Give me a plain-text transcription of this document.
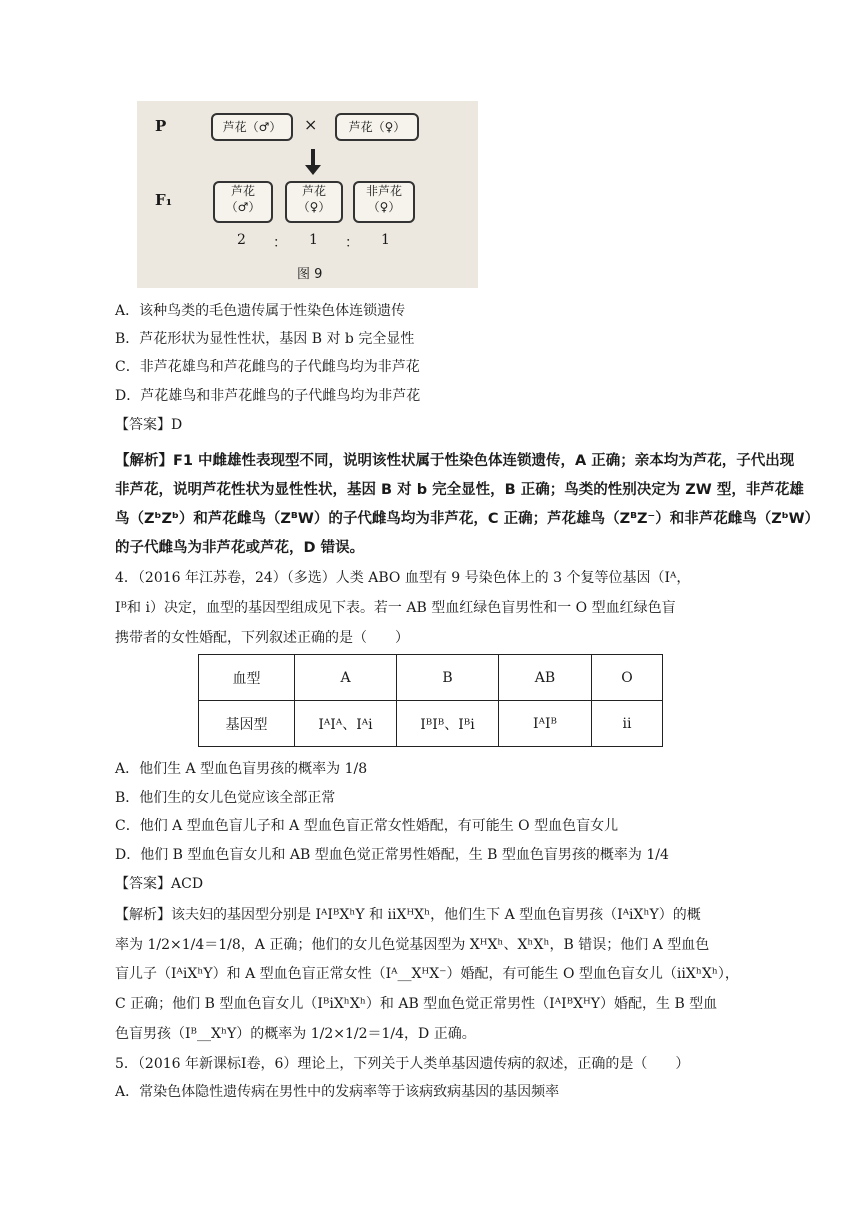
P	芦花（♂）	×	芦花（♀）
F₁	芦花
（♂）
芦花
（♀）
非芦花
（♀）
2 ： 1 ： 1
图 9
A．该种鸟类的毛色遗传属于性染色体连锁遗传
B．芦花形状为显性性状，基因 B 对 b 完全显性
C．非芦花雄鸟和芦花雌鸟的子代雌鸟均为非芦花
D．芦花雄鸟和非芦花雌鸟的子代雌鸟均为非芦花
【答案】D
【解析】F1 中雌雄性表现型不同，说明该性状属于性染色体连锁遗传，A 正确；亲本均为芦花，子代出现
非芦花，说明芦花性状为显性性状，基因 B 对 b 完全显性，B 正确；鸟类的性别决定为 ZW 型，非芦花雄
鸟（ZᵇZᵇ）和芦花雌鸟（ZᴮW）的子代雌鸟均为非芦花，C 正确；芦花雄鸟（ZᴮZ⁻）和非芦花雌鸟（ZᵇW）
的子代雌鸟为非芦花或芦花，D 错误。
4．（2016 年江苏卷，24）（多选）人类 ABO 血型有 9 号染色体上的 3 个复等位基因（Iᴬ，
Iᴮ和 i）决定，血型的基因型组成见下表。若一 AB 型血红绿色盲男性和一 O 型血红绿色盲
携带者的女性婚配，下列叙述正确的是（　　）
血型	A	B	AB	O
基因型	IᴬIᴬ、Iᴬi	IᴮIᴮ、Iᴮi	IᴬIᴮ	ii
A．他们生 A 型血色盲男孩的概率为 1/8
B．他们生的女儿色觉应该全部正常
C．他们 A 型血色盲儿子和 A 型血色盲正常女性婚配，有可能生 O 型血色盲女儿
D．他们 B 型血色盲女儿和 AB 型血色觉正常男性婚配，生 B 型血色盲男孩的概率为 1/4
【答案】ACD
【解析】该夫妇的基因型分别是 IᴬIᴮXʰY 和 iiXᴴXʰ，他们生下 A 型血色盲男孩（IᴬiXʰY）的概
率为 1/2×1/4＝1/8，A 正确；他们的女儿色觉基因型为 XᴴXʰ、XʰXʰ，B 错误；他们 A 型血色
盲儿子（IᴬiXʰY）和 A 型血色盲正常女性（Iᴬ__XᴴX⁻）婚配，有可能生 O 型血色盲女儿（iiXʰXʰ），
C 正确；他们 B 型血色盲女儿（IᴮiXʰXʰ）和 AB 型血色觉正常男性（IᴬIᴮXᴴY）婚配，生 B 型血
色盲男孩（Iᴮ__XʰY）的概率为 1/2×1/2＝1/4，D 正确。
5．（2016 年新课标Ⅰ卷，6）理论上，下列关于人类单基因遗传病的叙述，正确的是（　　）
A．常染色体隐性遗传病在男性中的发病率等于该病致病基因的基因频率
